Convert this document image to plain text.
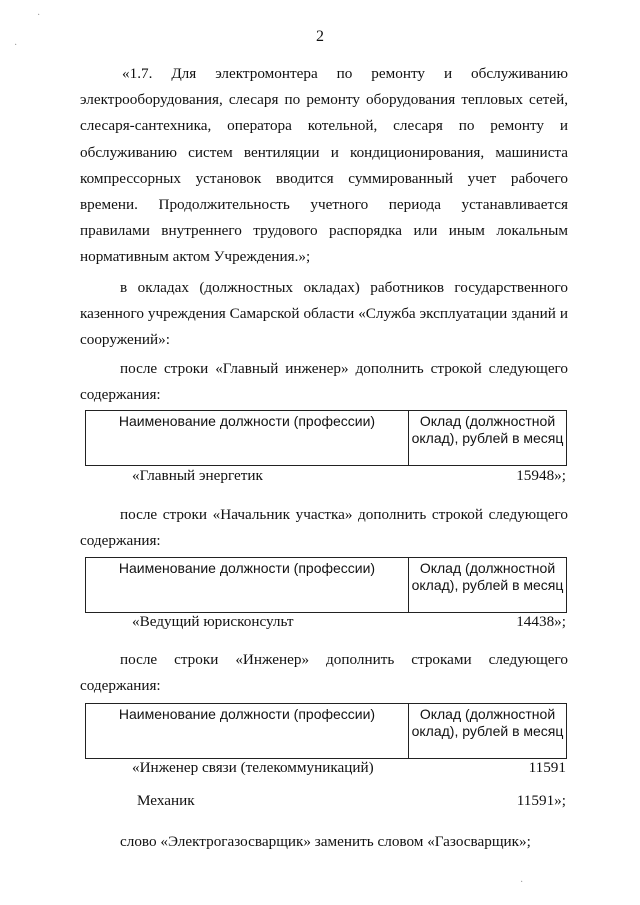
·
·
2

«1.7. Для электромонтера по ремонту и обслуживанию электрооборудования, слесаря по ремонту оборудования тепловых сетей, слесаря-сантехника, оператора котельной, слесаря по ремонту и обслуживанию систем вентиляции и кондиционирования, машиниста компрессорных установок вводится суммированный учет рабочего времени. Продолжительность учетного периода устанавливается правилами внутреннего трудового распорядка или иным локальным нормативным актом Учреждения.»;

в окладах (должностных окладах) работников государственного казенного учреждения Самарской области «Служба эксплуатации зданий и сооружений»:

после строки «Главный инженер» дополнить строкой следующего содержания:

Наименование должности (профессии)	Оклад (должностной оклад), рублей в месяц
«Главный энергетик	15948»;

после строки «Начальник участка» дополнить строкой следующего содержания:

Наименование должности (профессии)	Оклад (должностной оклад), рублей в месяц
«Ведущий юрисконсульт	14438»;

после строки «Инженер» дополнить строками следующего содержания:

Наименование должности (профессии)	Оклад (должностной оклад), рублей в месяц
«Инженер связи (телекоммуникаций)	11591
Механик	11591»;

слово «Электрогазосварщик» заменить словом «Газосварщик»;

·
